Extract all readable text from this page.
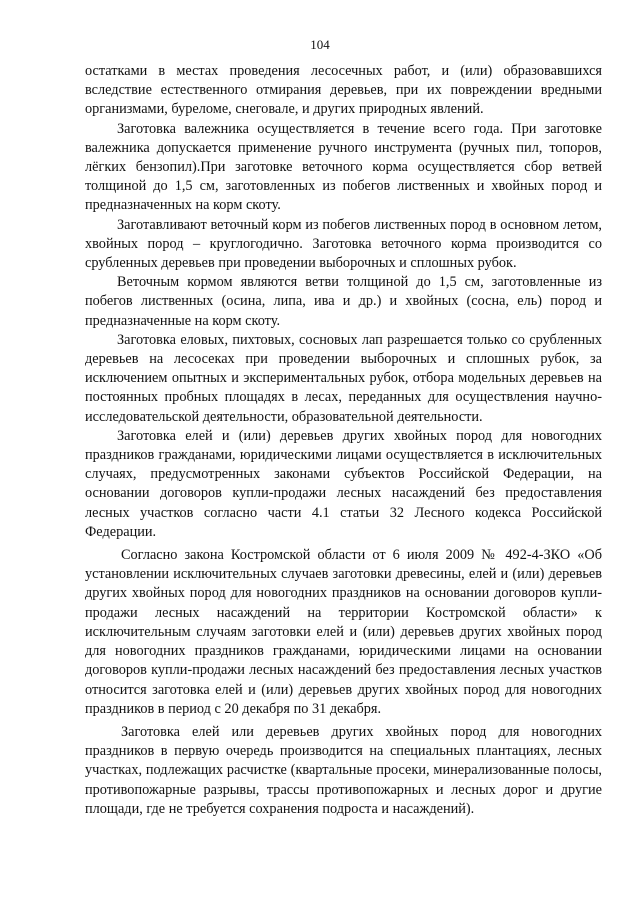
104

остатками в местах проведения лесосечных работ, и (или) образовавшихся вследствие естественного отмирания деревьев, при их повреждении вредными организмами, буреломе, снеговале, и других природных явлений.

Заготовка валежника осуществляется в течение всего года. При заготовке валежника допускается применение ручного инструмента (ручных пил, топоров, лёгких бензопил).При заготовке веточного корма осуществляется сбор ветвей толщиной до 1,5 см, заготовленных из побегов лиственных и хвойных пород и предназначенных на корм скоту.

Заготавливают веточный корм из побегов лиственных пород в основном летом, хвойных пород – круглогодично. Заготовка веточного корма производится со срубленных деревьев при проведении выборочных и сплошных рубок.

Веточным кормом являются ветви толщиной до 1,5 см, заготовленные из побегов лиственных (осина, липа, ива и др.) и хвойных (сосна, ель) пород и предназначенные на корм скоту.

Заготовка еловых, пихтовых, сосновых лап разрешается только со срубленных деревьев на лесосеках при проведении выборочных и сплошных рубок, за исключением опытных и экспериментальных рубок, отбора модельных деревьев на постоянных пробных площадях в лесах, переданных для осуществления научно-исследовательской деятельности, образовательной деятельности.

Заготовка елей и (или) деревьев других хвойных пород для новогодних праздников гражданами, юридическими лицами осуществляется в исключительных случаях, предусмотренных законами субъектов Российской Федерации, на основании договоров купли-продажи лесных насаждений без предоставления лесных участков согласно части 4.1 статьи 32 Лесного кодекса Российской Федерации.

Согласно закона Костромской области от 6 июля 2009 № 492-4-ЗКО «Об установлении исключительных случаев заготовки древесины, елей и (или) деревьев других хвойных пород для новогодних праздников на основании договоров купли-продажи лесных насаждений на территории Костромской области» к исключительным случаям заготовки елей и (или) деревьев других хвойных пород для новогодних праздников гражданами, юридическими лицами на основании договоров купли-продажи лесных насаждений без предоставления лесных участков относится заготовка елей и (или) деревьев других хвойных пород для новогодних праздников в период с 20 декабря по 31 декабря.

Заготовка елей или деревьев других хвойных пород для новогодних праздников в первую очередь производится на специальных плантациях, лесных участках, подлежащих расчистке (квартальные просеки, минерализованные полосы, противопожарные разрывы, трассы противопожарных и лесных дорог и другие площади, где не требуется сохранения подроста и насаждений).
